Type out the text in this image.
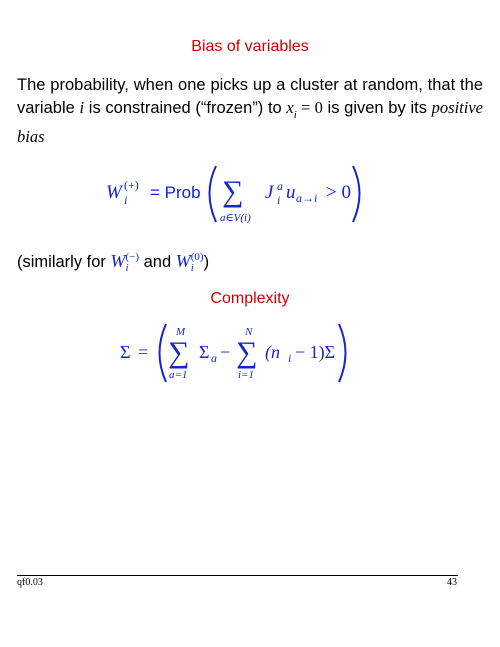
Bias of variables
The probability, when one picks up a cluster at random, that the variable i is constrained (“frozen”) to $x_i = 0$ is given by its positive bias
W (+)
i = Prob ∑
a∈V(i)
J a
i u a→i > 0
(similarly for W (−)
i and W (0)
i )
Complexity
Σ =
M
∑
a=1
Σ a −
N
∑
i=1
(n i − 1)Σ i
qf0.03	43
